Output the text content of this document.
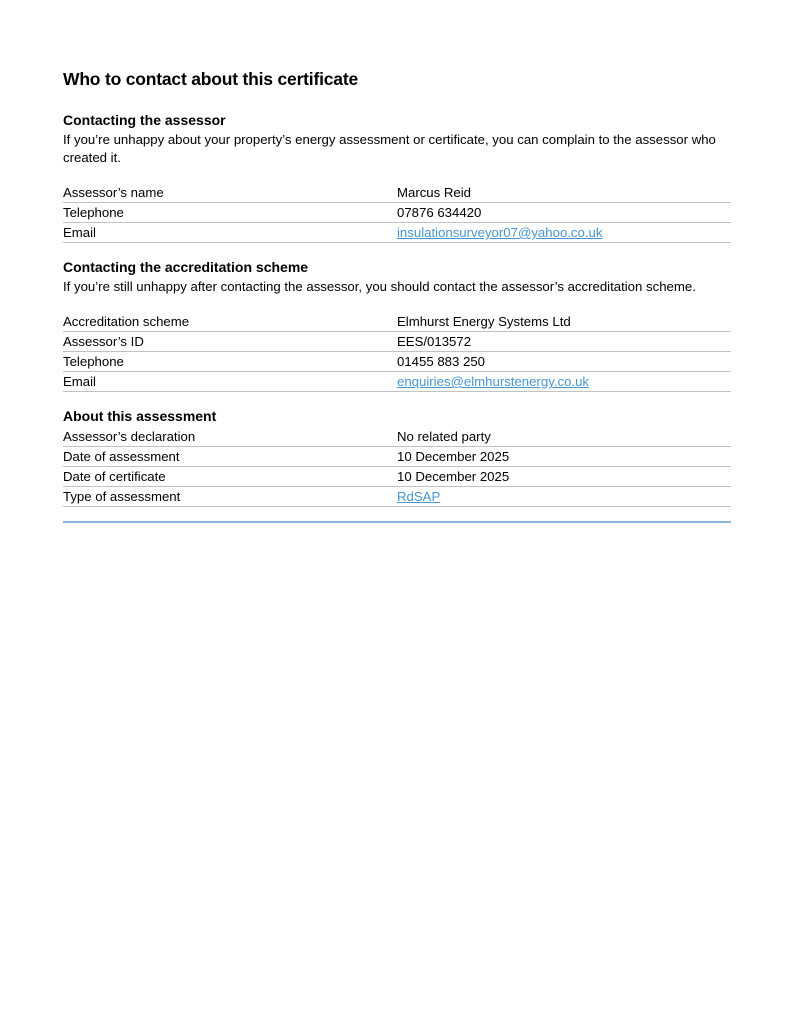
Who to contact about this certificate
Contacting the assessor

If you’re unhappy about your property’s energy assessment or certificate, you can complain to the assessor who created it.

Assessor’s name	Marcus Reid
Telephone	07876 634420
Email	insulationsurveyor07@yahoo.co.uk
Contacting the accreditation scheme

If you’re still unhappy after contacting the assessor, you should contact the assessor’s accreditation scheme.

Accreditation scheme	Elmhurst Energy Systems Ltd
Assessor’s ID	EES/013572
Telephone	01455 883 250
Email	enquiries@elmhurstenergy.co.uk
About this assessment
Assessor’s declaration	No related party
Date of assessment	10 December 2025
Date of certificate	10 December 2025
Type of assessment	RdSAP
